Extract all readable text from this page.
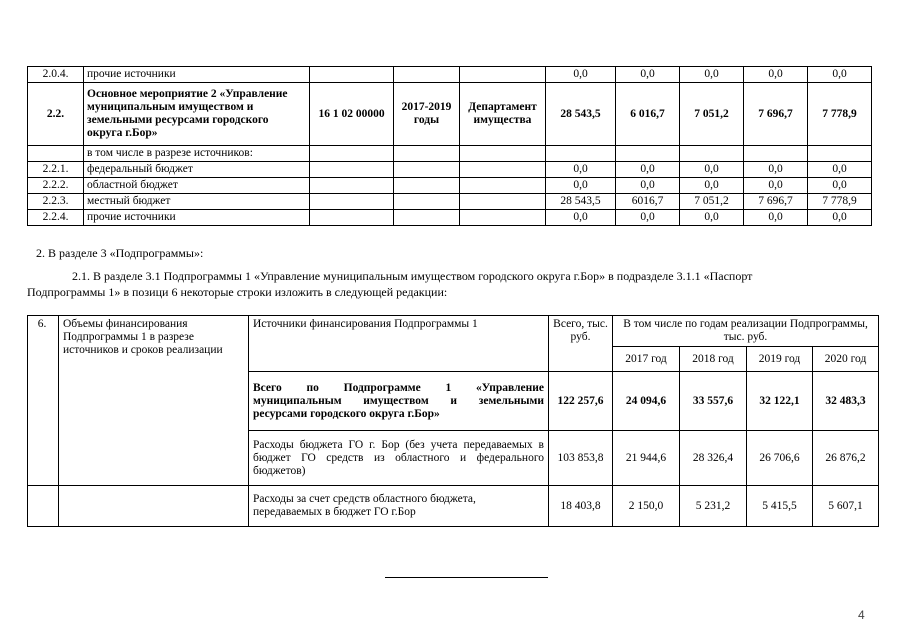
2.0.4.	прочие источники				0,0	0,0	0,0	0,0	0,0
2.2.	Основное мероприятие 2 «Управление муниципальным имуществом и земельными ресурсами городского округа г.Бор»	16 1 02 00000	2017-2019 годы	Департамент имущества	28 543,5	6 016,7	7 051,2	7 696,7	7 778,9
	в том числе в разрезе источников:								
2.2.1.	федеральный бюджет				0,0	0,0	0,0	0,0	0,0
2.2.2.	областной бюджет				0,0	0,0	0,0	0,0	0,0
2.2.3.	местный бюджет				28 543,5	6016,7	7 051,2	7 696,7	7 778,9
2.2.4.	прочие источники				0,0	0,0	0,0	0,0	0,0
2. В разделе 3 «Подпрограммы»:
2.1. В разделе 3.1 Подпрограммы 1 «Управление муниципальным имуществом городского округа г.Бор» в подразделе 3.1.1 «Паспорт
Подпрограммы 1» в позици 6 некоторые строки изложить в следующей редакции:
6.	Объемы финансирования Подпрограммы 1 в разрезе источников и сроков реализации	Источники финансирования Подпрограммы 1	Всего, тыс. руб.	В том числе по годам реализации Подпрограммы, тыс. руб.			
				2017 год	2018 год	2019 год	2020 год
		Всего по Подпрограмме 1 «Управление муниципальным имуществом и земельными ресурсами городского округа г.Бор»	122 257,6	24 094,6	33 557,6	32 122,1	32 483,3
		Расходы бюджета ГО г. Бор (без учета передаваемых в бюджет ГО средств из областного и федерального бюджетов)	103 853,8	21 944,6	28 326,4	26 706,6	26 876,2
		Расходы за счет средств областного бюджета, передаваемых в бюджет ГО г.Бор	18 403,8	2 150,0	5 231,2	5 415,5	5 607,1
4
